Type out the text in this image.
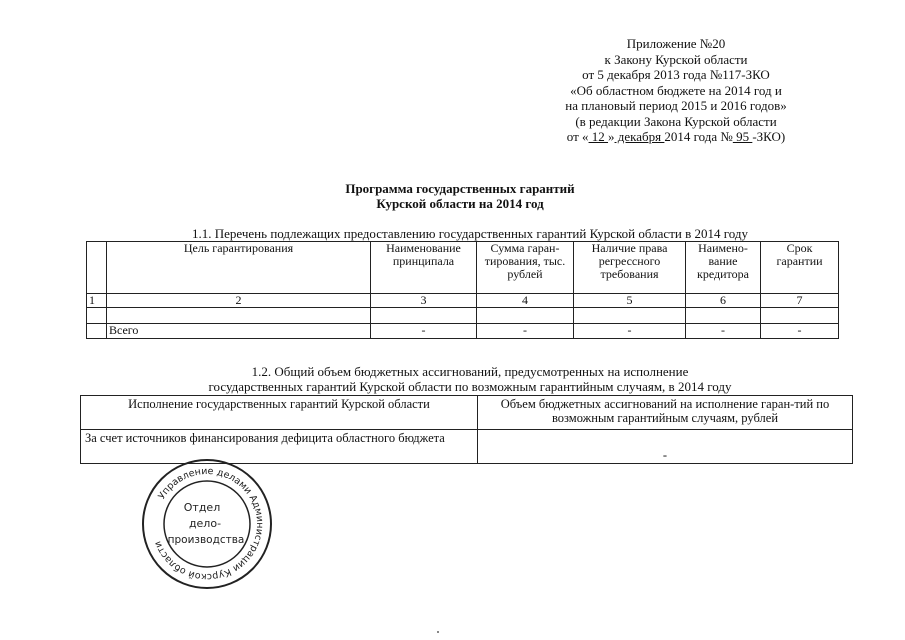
Приложение №20
к Закону Курской области
от 5 декабря 2013 года №117-ЗКО
«Об областном бюджете на 2014 год и
на плановый период 2015 и 2016 годов»
(в редакции Закона Курской области
от « 12 » декабря 2014 года № 95 -ЗКО)
Программа государственных гарантий
Курской области на 2014 год
1.1. Перечень подлежащих предоставлению государственных гарантий Курской области в 2014 году
	Цель гарантирования	Наименование принципала	Сумма гаран-тирования, тыс. рублей	Наличие права регрессного требования	Наимено-вание кредитора	Срок гарантии
1	2	3	4	5	6	7

	Всего	-	-	-	-	-
1.2. Общий объем бюджетных ассигнований, предусмотренных на исполнение
государственных гарантий Курской области по возможным гарантийным случаям, в 2014 году
Исполнение государственных гарантий Курской области	Объем бюджетных ассигнований на исполнение гаран-тий по возможным гарантийным случаям, рублей
За счет источников финансирования дефицита областного бюджета	-
Управление делами Администрации Курской области
Отдел
дело-
производства
